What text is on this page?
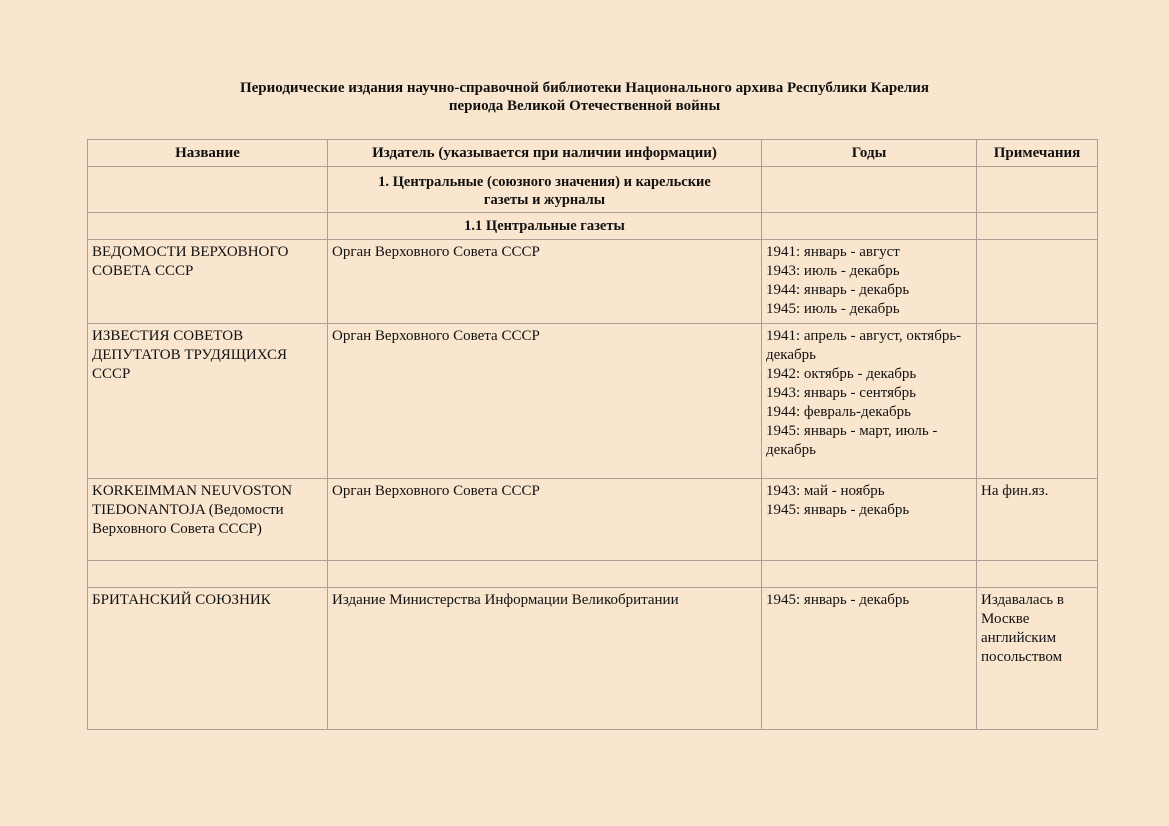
Периодические издания научно-справочной библиотеки Национального архива Республики Карелия
периода Великой Отечественной войны
Название	Издатель (указывается при наличии информации)	Годы	Примечания
	1. Центральные (союзного значения) и карельские газеты и журналы		
	1.1 Центральные газеты		
ВЕДОМОСТИ ВЕРХОВНОГО СОВЕТА СССР	Орган Верховного Совета СССР	1941: январь - август
1943: июль - декабрь
1944: январь - декабрь
1945: июль - декабрь	

ИЗВЕСТИЯ СОВЕТОВ ДЕПУТАТОВ ТРУДЯЩИХСЯ СССР	Орган Верховного Совета СССР	1941: апрель - август, октябрь-декабрь
1942: октябрь - декабрь
1943: январь - сентябрь
1944: февраль-декабрь
1945: январь - март, июль - декабрь	

KORKEIMMAN NEUVOSTON TIEDONANTOJA (Ведомости Верховного Совета СССР)	Орган Верховного Совета СССР	1943: май - ноябрь
1945: январь - декабрь	На фин.яз.

БРИТАНСКИЙ СОЮЗНИК	Издание Министерства Информации Великобритании	1945: январь - декабрь	Издавалась в Москве английским посольством
